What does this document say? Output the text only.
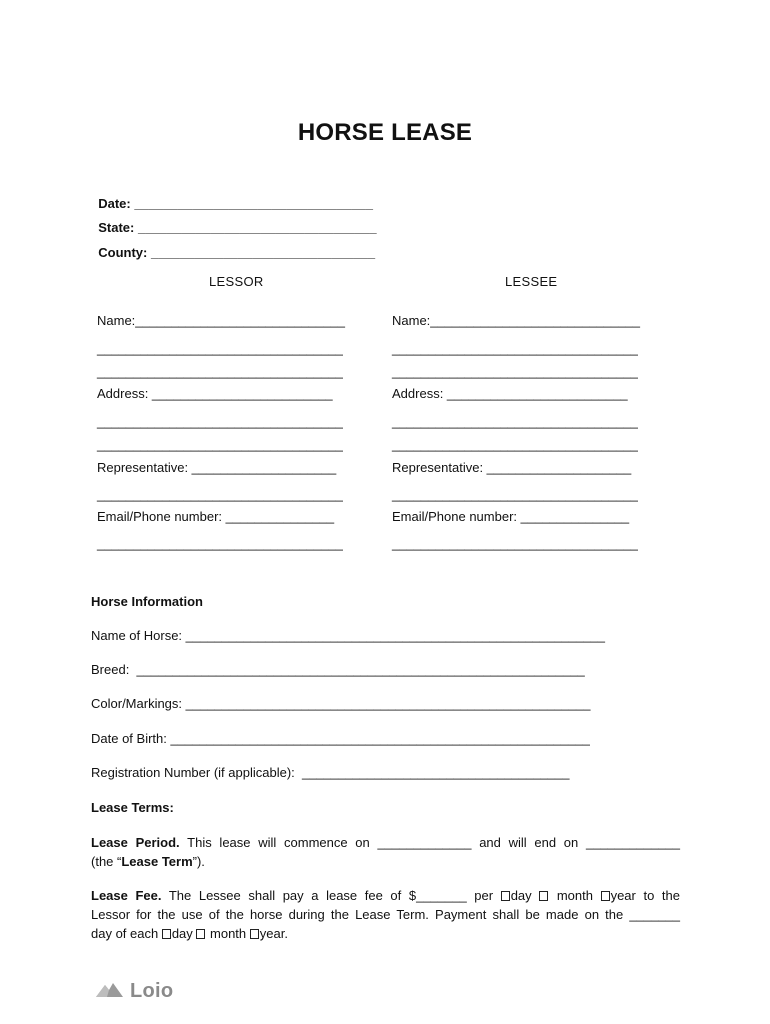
HORSE LEASE

Date: _________________________________

State: _________________________________

County: _______________________________

LESSOR	LESSEE
Name:_____________________________
__________________________________
__________________________________
Address: _________________________
__________________________________
__________________________________
Representative: ____________________
__________________________________
Email/Phone number: _______________
__________________________________
Name:_____________________________
__________________________________
__________________________________
Address: _________________________
__________________________________
__________________________________
Representative: ____________________
__________________________________
Email/Phone number: _______________
__________________________________
Horse Information
Name of Horse: __________________________________________________________
Breed:  ______________________________________________________________
Color/Markings: ________________________________________________________
Date of Birth: __________________________________________________________
Registration Number (if applicable):  _____________________________________
Lease Terms:
Lease Period. This lease will commence on _____________ and will end on _____________
(the “Lease Term”).
Lease Fee. The Lessee shall pay a lease fee of $_______ per day  month year to the
Lessor for the use of the horse during the Lease Term. Payment shall be made on the _______
day of each day  month year.
Loio
